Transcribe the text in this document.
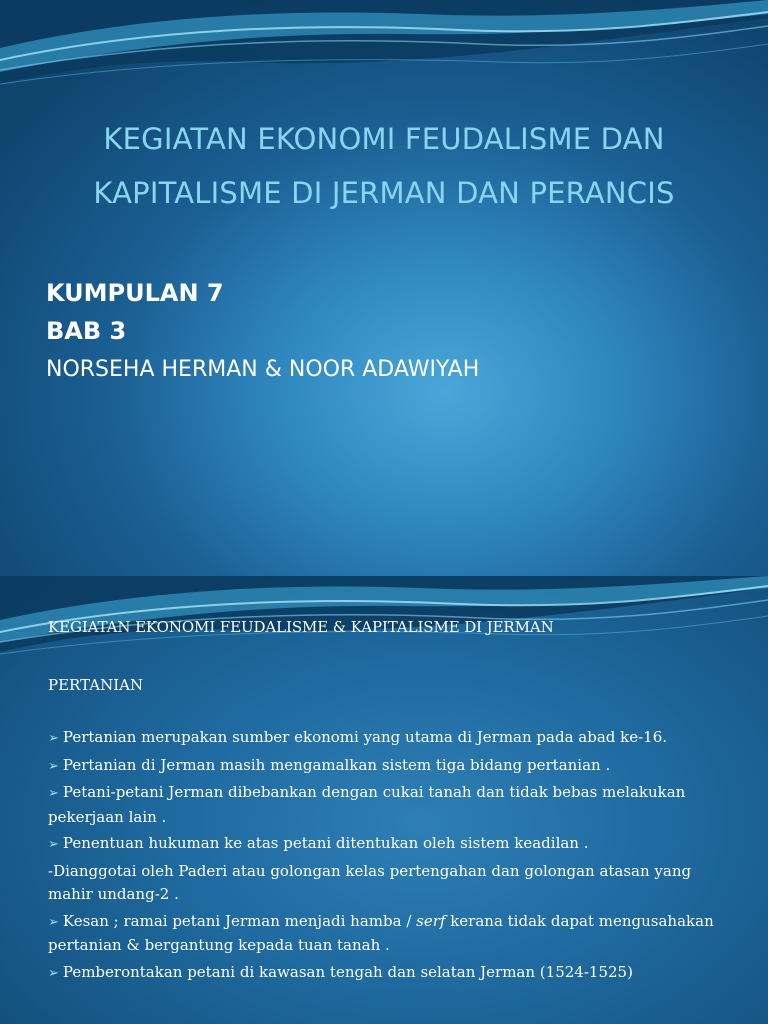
KEGIATAN EKONOMI FEUDALISME DAN
KAPITALISME DI JERMAN DAN PERANCIS
KUMPULAN 7
BAB 3
NORSEHA HERMAN & NOOR ADAWIYAH
KEGIATAN EKONOMI FEUDALISME & KAPITALISME DI JERMAN
PERTANIAN
➢ Pertanian merupakan sumber ekonomi yang utama di Jerman pada abad ke-16.
➢ Pertanian di Jerman masih mengamalkan sistem tiga bidang pertanian .
➢ Petani-petani Jerman dibebankan dengan cukai tanah dan tidak bebas melakukan pekerjaan lain .
➢ Penentuan hukuman ke atas petani ditentukan oleh sistem keadilan .
-Dianggotai oleh Paderi atau golongan kelas pertengahan dan golongan atasan yang mahir undang-2 .
➢ Kesan ; ramai petani Jerman menjadi hamba / serf kerana tidak dapat mengusahakan pertanian & bergantung kepada tuan tanah .
➢ Pemberontakan petani di kawasan tengah dan selatan Jerman (1524-1525)
